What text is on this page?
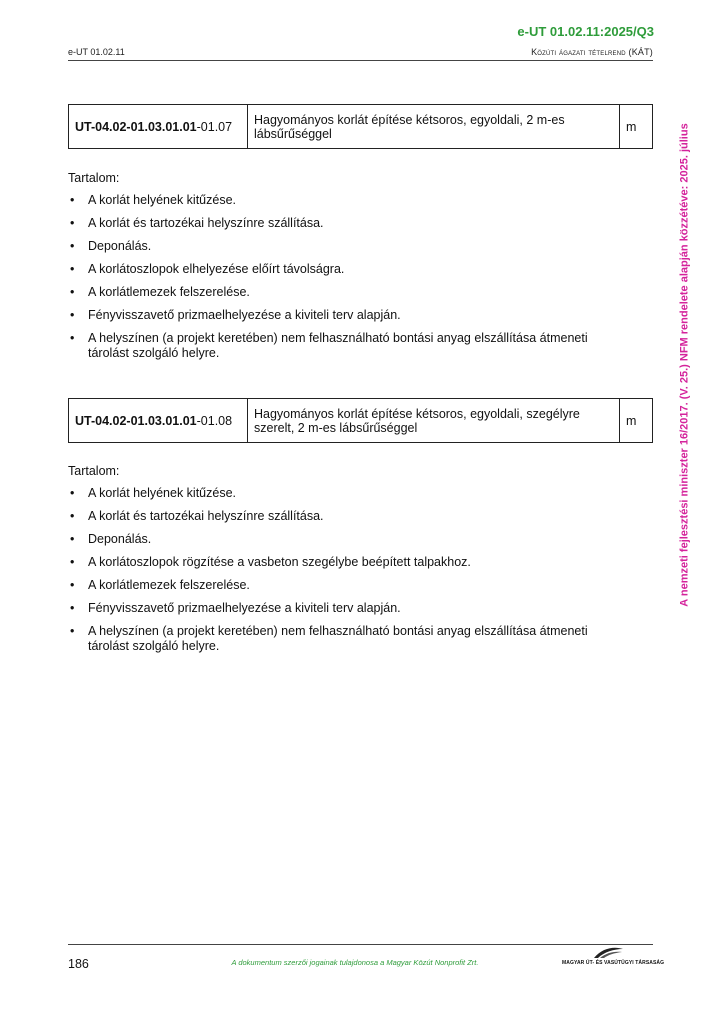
e-UT 01.02.11:2025/Q3
e-UT 01.02.11	Közúti ágazati tételrend (KÁT)

A nemzeti fejlesztési miniszter 16/2017. (V. 25.) NFM rendelete alapján közzétéve: 2025. július
UT-04.02-01.03.01.01-01.07	Hagyományos korlát építése kétsoros, egyoldali, 2 m-es lábsűrűséggel	m

Tartalom:

• A korlát helyének kitűzése.
• A korlát és tartozékai helyszínre szállítása.
• Deponálás.
• A korlátoszlopok elhelyezése előírt távolságra.
• A korlátlemezek felszerelése.
• Fényvisszavető prizmaelhelyezése a kiviteli terv alapján.
• A helyszínen (a projekt keretében) nem felhasználható bontási anyag elszállítása átmeneti tárolást szolgáló helyre.
UT-04.02-01.03.01.01-01.08	Hagyományos korlát építése kétsoros, egyoldali, szegélyre szerelt, 2 m-es lábsűrűséggel	m

Tartalom:

• A korlát helyének kitűzése.
• A korlát és tartozékai helyszínre szállítása.
• Deponálás.
• A korlátoszlopok rögzítése a vasbeton szegélybe beépített talpakhoz.
• A korlátlemezek felszerelése.
• Fényvisszavető prizmaelhelyezése a kiviteli terv alapján.
• A helyszínen (a projekt keretében) nem felhasználható bontási anyag elszállítása átmeneti tárolást szolgáló helyre.
186	A dokumentum szerzői jogainak tulajdonosa a Magyar Közút Nonprofit Zrt.	MAGYAR ÚT- ÉS VASÚTÜGYI TÁRSASÁG
